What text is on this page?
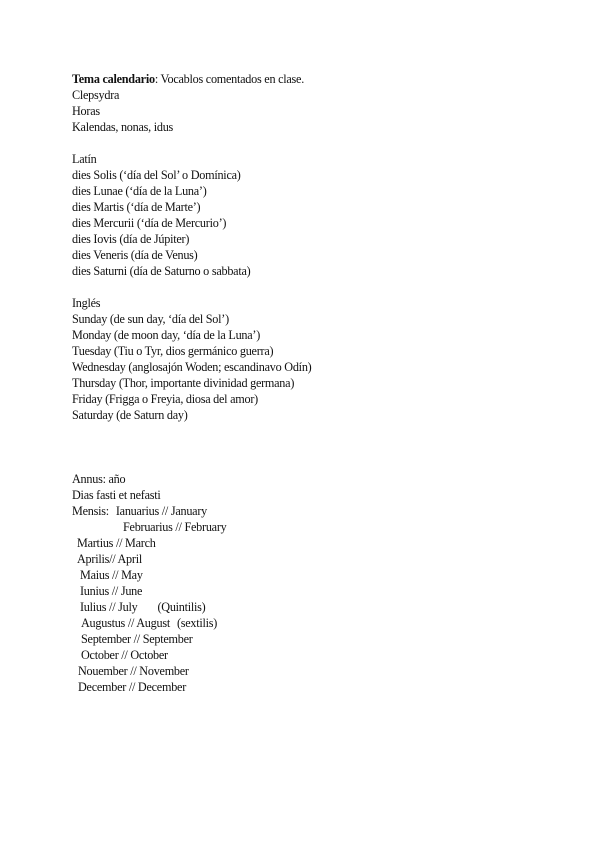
Tema calendario: Vocablos comentados en clase.
Clepsydra
Horas
Kalendas, nonas, idus
Latín
dies Solis (‘día del Sol’ o Domínica)
dies Lunae (‘día de la Luna’)
dies Martis (‘día de Marte’)
dies Mercurii (‘día de Mercurio’)
dies Iovis (día de Júpiter)
dies Veneris (día de Venus)
dies Saturni (día de Saturno o sabbata)
Inglés
Sunday (de sun day, ‘día del Sol’)
Monday (de moon day, ‘día de la Luna’)
Tuesday (Tiu o Tyr, dios germánico guerra)
Wednesday (anglosajón Woden; escandinavo Odín)
Thursday (Thor, importante divinidad germana)
Friday (Frigga o Freyia, diosa del amor)
Saturday (de Saturn day)
Annus: año
Dias fasti et nefasti
Mensis: Ianuarius // January
Februarius // February
Martius // March
Aprilis// April
Maius // May
Iunius // June
Iulius // July (Quintilis)
Augustus // August (sextilis)
September // September
October // October
Nouember // November
December // December
